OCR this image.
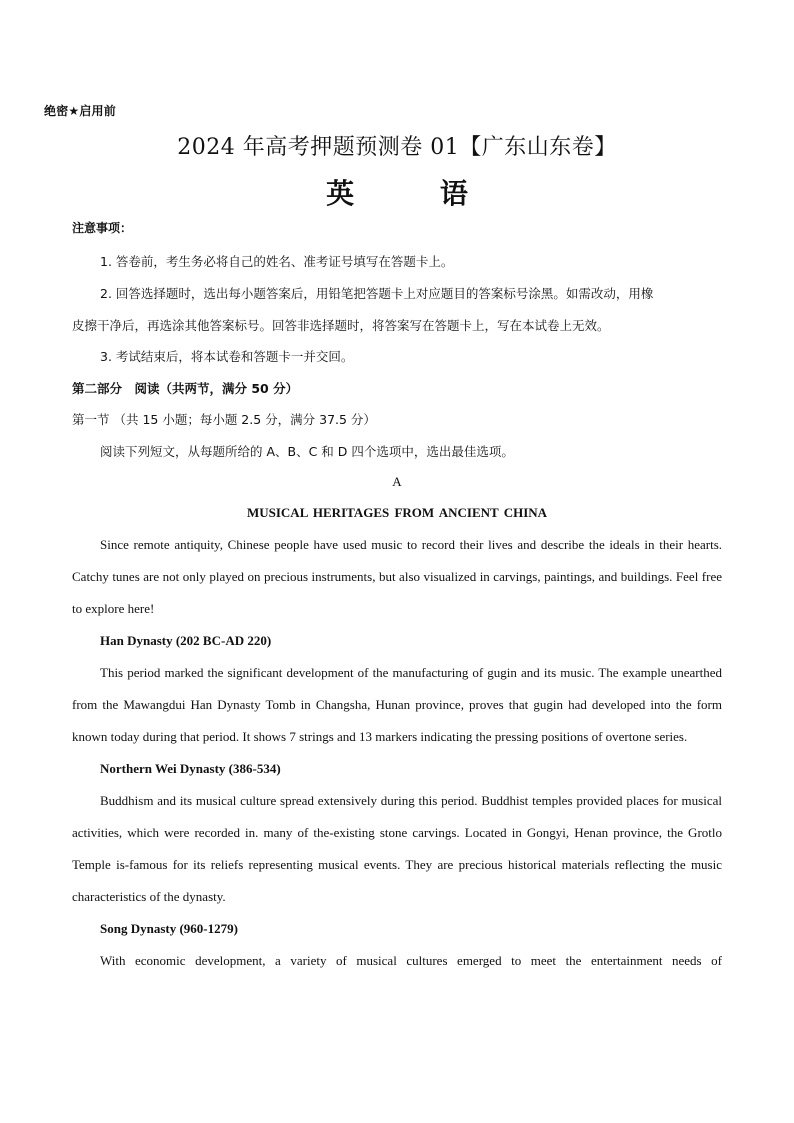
绝密★启用前
2024 年高考押题预测卷 01【广东山东卷】
英 语
注意事项：
1. 答卷前，考生务必将自己的姓名、准考证号填写在答题卡上。
2. 回答选择题时，选出每小题答案后，用铅笔把答题卡上对应题目的答案标号涂黑。如需改动，用橡
皮擦干净后，再选涂其他答案标号。回答非选择题时，将答案写在答题卡上，写在本试卷上无效。
3. 考试结束后，将本试卷和答题卡一并交回。
第二部分　阅读（共两节，满分 50 分）
第一节 （共 15 小题；每小题 2.5 分，满分 37.5 分）
阅读下列短文，从每题所给的 A、B、C 和 D 四个选项中，选出最佳选项。
A
MUSICAL HERITAGES FROM ANCIENT CHINA

Since remote antiquity, Chinese people have used music to record their lives and describe the ideals in their hearts. Catchy tunes are not only played on precious instruments, but also visualized in carvings, paintings, and buildings. Feel free to explore here!

Han Dynasty (202 BC-AD 220)

This period marked the significant development of the manufacturing of gugin and its music. The example unearthed from the Mawangdui Han Dynasty Tomb in Changsha, Hunan province, proves that gugin had developed into the form known today during that period. It shows 7 strings and 13 markers indicating the pressing positions of overtone series.

Northern Wei Dynasty (386-534)

Buddhism and its musical culture spread extensively during this period. Buddhist temples provided places for musical activities, which were recorded in. many of the-existing stone carvings. Located in Gongyi, Henan province, the Grotlo Temple is-famous for its reliefs representing musical events. They are precious historical materials reflecting the music characteristics of the dynasty.

Song Dynasty (960-1279)

With economic development, a variety of musical cultures emerged to meet the entertainment needs of
